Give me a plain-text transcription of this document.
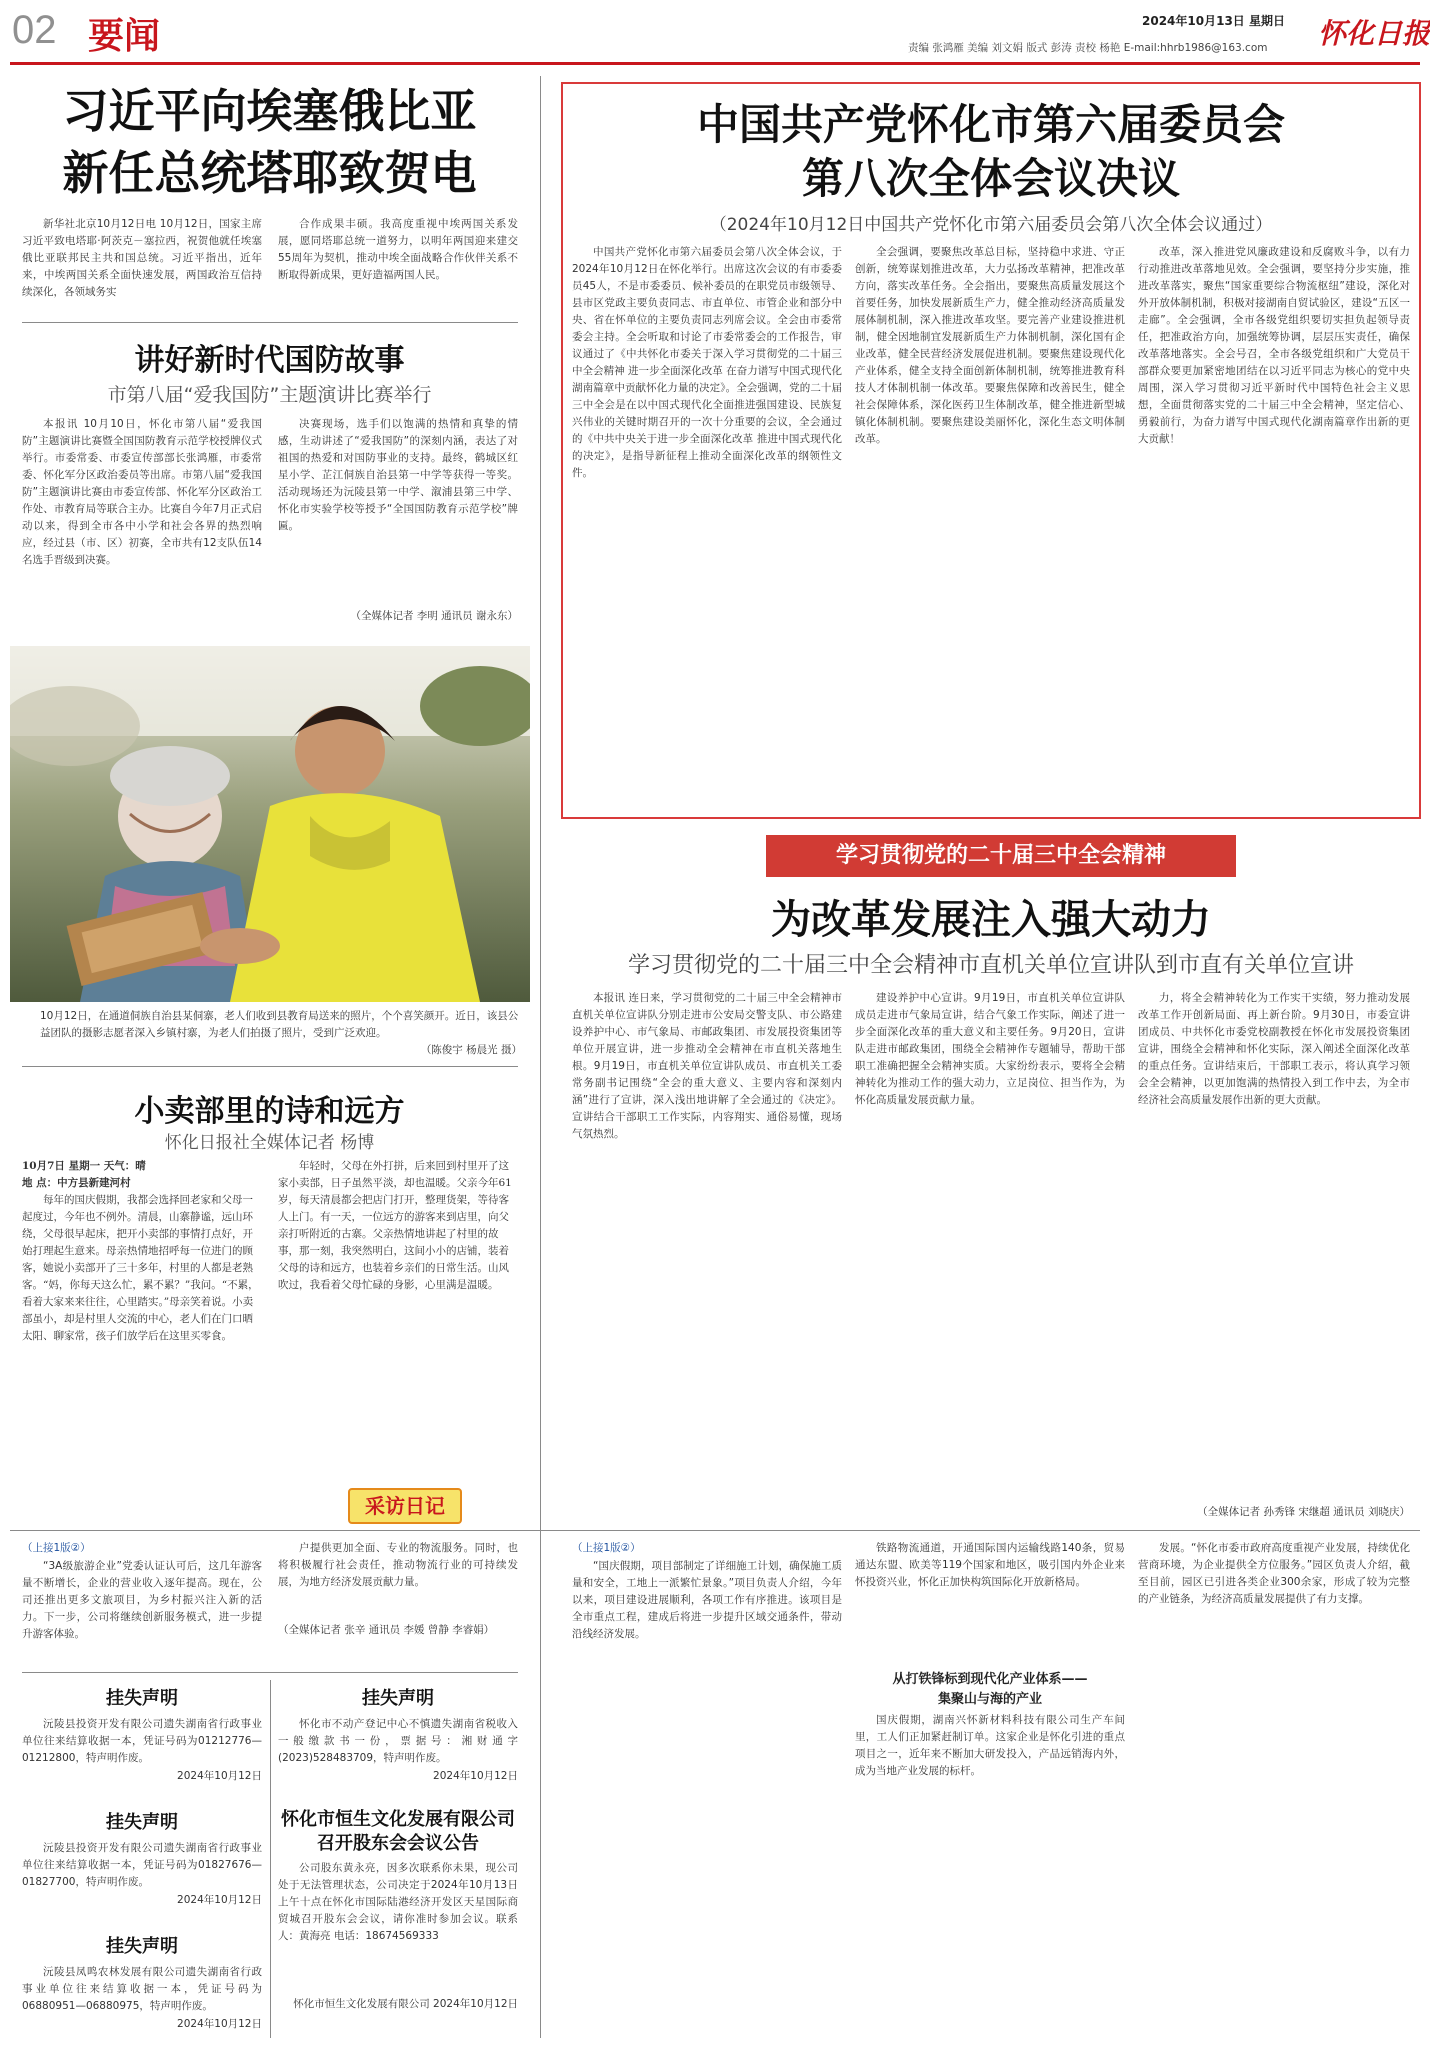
02 要闻	2024年10月13日 星期日
责编 张鸿雁 美编 刘文娟 版式 彭涛 责校 杨艳 E-mail:hhrb1986@163.com	怀化日报
习近平向埃塞俄比亚
新任总统塔耶致贺电

新华社北京10月12日电 10月12日，国家主席习近平致电塔耶·阿茨克－塞拉西，祝贺他就任埃塞俄比亚联邦民主共和国总统。习近平指出，近年来，中埃两国关系全面快速发展，两国政治互信持续深化，各领域务实

合作成果丰硕。我高度重视中埃两国关系发展，愿同塔耶总统一道努力，以明年两国迎来建交55周年为契机，推动中埃全面战略合作伙伴关系不断取得新成果，更好造福两国人民。

讲好新时代国防故事
市第八届“爱我国防”主题演讲比赛举行

本报讯 10月10日，怀化市第八届“爱我国防”主题演讲比赛暨全国国防教育示范学校授牌仪式举行。市委常委、市委宣传部部长张鸿雁，市委常委、怀化军分区政治委员等出席。市第八届“爱我国防”主题演讲比赛由市委宣传部、怀化军分区政治工作处、市教育局等联合主办。比赛自今年7月正式启动以来，得到全市各中小学和社会各界的热烈响应，经过县（市、区）初赛，全市共有12支队伍14名选手晋级到决赛。

决赛现场，选手们以饱满的热情和真挚的情感，生动讲述了“爱我国防”的深刻内涵，表达了对祖国的热爱和对国防事业的支持。最终，鹤城区红星小学、芷江侗族自治县第一中学等获得一等奖。活动现场还为沅陵县第一中学、溆浦县第三中学、怀化市实验学校等授予“全国国防教育示范学校”牌匾。

（全媒体记者 李明 通讯员 谢永东）
10月12日，在通道侗族自治县某侗寨，老人们收到县教育局送来的照片，个个喜笑颜开。近日，该县公益团队的摄影志愿者深入乡镇村寨，为老人们拍摄了照片，受到广泛欢迎。
（陈俊宇 杨晨光 摄）
小卖部里的诗和远方
怀化日报社全媒体记者 杨博
10月7日 星期一 天气：晴
地 点：中方县新建河村

每年的国庆假期，我都会选择回老家和父母一起度过，今年也不例外。清晨，山寨静谧，远山环绕，父母很早起床，把开小卖部的事情打点好，开始打理起生意来。母亲热情地招呼每一位进门的顾客，她说小卖部开了三十多年，村里的人都是老熟客。“妈，你每天这么忙，累不累？”我问。“不累，看着大家来来往往，心里踏实。”母亲笑着说。小卖部虽小，却是村里人交流的中心，老人们在门口晒太阳、聊家常，孩子们放学后在这里买零食。

年轻时，父母在外打拼，后来回到村里开了这家小卖部，日子虽然平淡，却也温暖。父亲今年61岁，每天清晨都会把店门打开，整理货架，等待客人上门。有一天，一位远方的游客来到店里，向父亲打听附近的古寨。父亲热情地讲起了村里的故事，那一刻，我突然明白，这间小小的店铺，装着父母的诗和远方，也装着乡亲们的日常生活。山风吹过，我看着父母忙碌的身影，心里满是温暖。

采访日记
中国共产党怀化市第六届委员会
第八次全体会议决议
（2024年10月12日中国共产党怀化市第六届委员会第八次全体会议通过）

中国共产党怀化市第六届委员会第八次全体会议，于2024年10月12日在怀化举行。出席这次会议的有市委委员45人，不是市委委员、候补委员的在职党员市级领导、县市区党政主要负责同志、市直单位、市管企业和部分中央、省在怀单位的主要负责同志列席会议。全会由市委常委会主持。全会听取和讨论了市委常委会的工作报告，审议通过了《中共怀化市委关于深入学习贯彻党的二十届三中全会精神 进一步全面深化改革 在奋力谱写中国式现代化湖南篇章中贡献怀化力量的决定》。全会强调，党的二十届三中全会是在以中国式现代化全面推进强国建设、民族复兴伟业的关键时期召开的一次十分重要的会议，全会通过的《中共中央关于进一步全面深化改革 推进中国式现代化的决定》，是指导新征程上推动全面深化改革的纲领性文件。

全会强调，要聚焦改革总目标，坚持稳中求进、守正创新，统筹谋划推进改革，大力弘扬改革精神，把准改革方向，落实改革任务。全会指出，要聚焦高质量发展这个首要任务，加快发展新质生产力，健全推动经济高质量发展体制机制，深入推进改革攻坚。要完善产业建设推进机制，健全因地制宜发展新质生产力体制机制，深化国有企业改革，健全民营经济发展促进机制。要聚焦建设现代化产业体系，健全支持全面创新体制机制，统筹推进教育科技人才体制机制一体改革。要聚焦保障和改善民生，健全社会保障体系，深化医药卫生体制改革，健全推进新型城镇化体制机制。要聚焦建设美丽怀化，深化生态文明体制改革。

改革，深入推进党风廉政建设和反腐败斗争，以有力行动推进改革落地见效。全会强调，要坚持分步实施，推进改革落实，聚焦“国家重要综合物流枢纽”建设，深化对外开放体制机制，积极对接湖南自贸试验区，建设“五区一走廊”。全会强调，全市各级党组织要切实担负起领导责任，把准政治方向，加强统筹协调，层层压实责任，确保改革落地落实。全会号召，全市各级党组织和广大党员干部群众要更加紧密地团结在以习近平同志为核心的党中央周围，深入学习贯彻习近平新时代中国特色社会主义思想，全面贯彻落实党的二十届三中全会精神，坚定信心、勇毅前行，为奋力谱写中国式现代化湖南篇章作出新的更大贡献！

学习贯彻党的二十届三中全会精神
为改革发展注入强大动力
学习贯彻党的二十届三中全会精神市直机关单位宣讲队到市直有关单位宣讲

本报讯 连日来，学习贯彻党的二十届三中全会精神市直机关单位宣讲队分别走进市公安局交警支队、市公路建设养护中心、市气象局、市邮政集团、市发展投资集团等单位开展宣讲，进一步推动全会精神在市直机关落地生根。9月19日，市直机关单位宣讲队成员、市直机关工委常务副书记围绕“全会的重大意义、主要内容和深刻内涵”进行了宣讲，深入浅出地讲解了全会通过的《决定》。宣讲结合干部职工工作实际，内容翔实、通俗易懂，现场气氛热烈。

建设养护中心宣讲。9月19日，市直机关单位宣讲队成员走进市气象局宣讲，结合气象工作实际，阐述了进一步全面深化改革的重大意义和主要任务。9月20日，宣讲队走进市邮政集团，围绕全会精神作专题辅导，帮助干部职工准确把握全会精神实质。大家纷纷表示，要将全会精神转化为推动工作的强大动力，立足岗位、担当作为，为怀化高质量发展贡献力量。

力，将全会精神转化为工作实干实绩，努力推动发展改革工作开创新局面、再上新台阶。9月30日，市委宣讲团成员、中共怀化市委党校副教授在怀化市发展投资集团宣讲，围绕全会精神和怀化实际，深入阐述全面深化改革的重点任务。宣讲结束后，干部职工表示，将认真学习领会全会精神，以更加饱满的热情投入到工作中去，为全市经济社会高质量发展作出新的更大贡献。

（全媒体记者 孙秀锋 宋继超 通讯员 刘晓庆）
（上接1版②）

“3A级旅游企业”党委认证认可后，这几年游客量不断增长，企业的营业收入逐年提高。现在，公司还推出更多文旅项目，为乡村振兴注入新的活力。下一步，公司将继续创新服务模式，进一步提升游客体验。

户提供更加全面、专业的物流服务。同时，也将积极履行社会责任，推动物流行业的可持续发展，为地方经济发展贡献力量。

（全媒体记者 张辛 通讯员 李媛 曾静 李睿娟）
挂失声明

沅陵县投资开发有限公司遗失湖南省行政事业单位往来结算收据一本，凭证号码为01212776—01212800，特声明作废。

2024年10月12日
挂失声明

沅陵县投资开发有限公司遗失湖南省行政事业单位往来结算收据一本，凭证号码为01827676—01827700，特声明作废。

2024年10月12日
挂失声明

沅陵县凤鸣农林发展有限公司遗失湖南省行政事业单位往来结算收据一本，凭证号码为06880951—06880975，特声明作废。

2024年10月12日
挂失声明

怀化市不动产登记中心不慎遗失湖南省税收入一般缴款书一份，票据号：湘财通字(2023)528483709，特声明作废。

2024年10月12日
怀化市恒生文化发展有限公司召开股东会会议公告

公司股东黄永亮，因多次联系你未果，现公司处于无法管理状态，公司决定于2024年10月13日上午十点在怀化市国际陆港经济开发区天星国际商贸城召开股东会会议，请你准时参加会议。联系人：黄海亮 电话：18674569333

怀化市恒生文化发展有限公司 2024年10月12日
（上接1版②）

“国庆假期，项目部制定了详细施工计划，确保施工质量和安全，工地上一派繁忙景象。”项目负责人介绍，今年以来，项目建设进展顺利，各项工作有序推进。该项目是全市重点工程，建成后将进一步提升区域交通条件，带动沿线经济发展。

铁路物流通道，开通国际国内运输线路140条，贸易通达东盟、欧美等119个国家和地区，吸引国内外企业来怀投资兴业，怀化正加快构筑国际化开放新格局。

从打铁锋标到现代化产业体系——
集聚山与海的产业

国庆假期，湖南兴怀新材料科技有限公司生产车间里，工人们正加紧赶制订单。这家企业是怀化引进的重点项目之一，近年来不断加大研发投入，产品远销海内外，成为当地产业发展的标杆。

发展。“怀化市委市政府高度重视产业发展，持续优化营商环境，为企业提供全方位服务。”园区负责人介绍，截至目前，园区已引进各类企业300余家，形成了较为完整的产业链条，为经济高质量发展提供了有力支撑。
